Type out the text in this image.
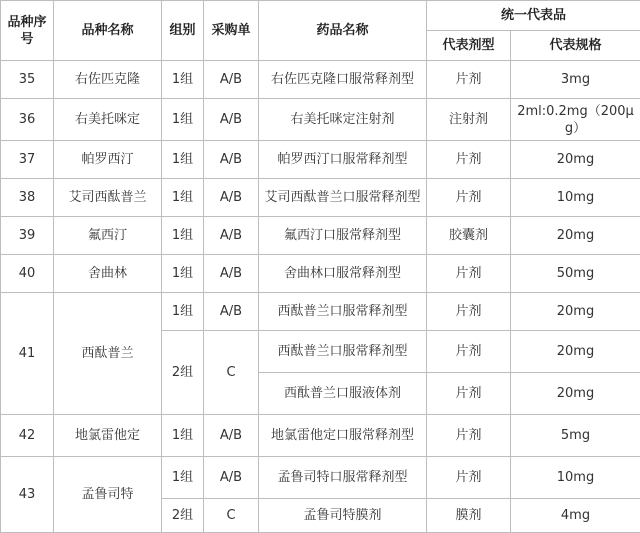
品种序号	品种名称	组别	采购单	药品名称	统一代表品	
					代表剂型	代表规格
35	右佐匹克隆	1组	A/B	右佐匹克隆口服常释剂型	片剂	3mg
36	右美托咪定	1组	A/B	右美托咪定注射剂	注射剂	2ml:0.2mg（200μg）
37	帕罗西汀	1组	A/B	帕罗西汀口服常释剂型	片剂	20mg
38	艾司西酞普兰	1组	A/B	艾司西酞普兰口服常释剂型	片剂	10mg
39	氟西汀	1组	A/B	氟西汀口服常释剂型	胶囊剂	20mg
40	舍曲林	1组	A/B	舍曲林口服常释剂型	片剂	50mg
41	西酞普兰	1组	A/B	西酞普兰口服常释剂型	片剂	20mg
		2组	C	西酞普兰口服常释剂型	片剂	20mg
				西酞普兰口服液体剂	片剂	20mg
42	地氯雷他定	1组	A/B	地氯雷他定口服常释剂型	片剂	5mg
43	孟鲁司特	1组	A/B	孟鲁司特口服常释剂型	片剂	10mg
		2组	C	孟鲁司特膜剂	膜剂	4mg
